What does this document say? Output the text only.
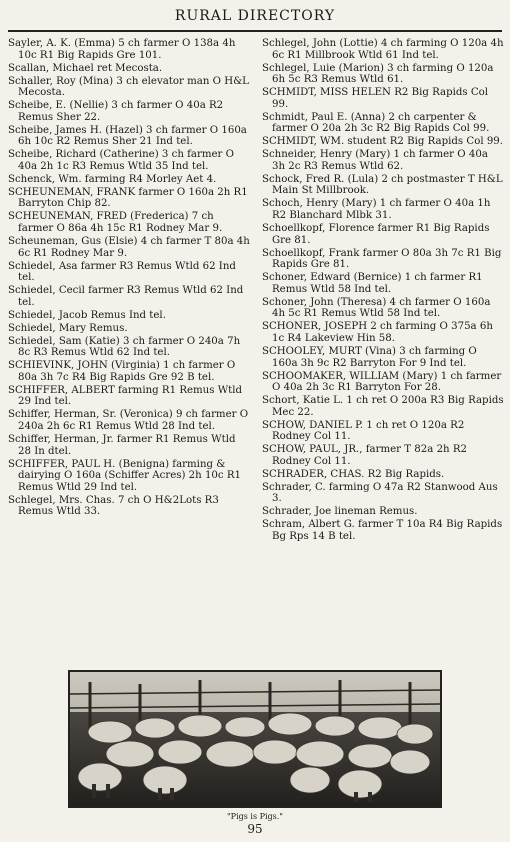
RURAL DIRECTORY

Sayler, A. K. (Emma) 5 ch farmer O 138a 4h 10c R1 Big Rapids Gre 101.

Scallan, Michael ret Mecosta.

Schaller, Roy (Mina) 3 ch elevator man O H&L Mecosta.

Scheibe, E. (Nellie) 3 ch farmer O 40a R2 Remus Sher 22.

Scheibe, James H. (Hazel) 3 ch farmer O 160a 6h 10c R2 Remus Sher 21 Ind tel.

Scheibe, Richard (Catherine) 3 ch farmer O 40a 2h 1c R3 Remus Wtld 35 Ind tel.

Schenck, Wm. farming R4 Morley Aet 4.

SCHEUNEMAN, FRANK farmer O 160a 2h R1 Barryton Chip 82.

SCHEUNEMAN, FRED (Frederica) 7 ch farmer O 86a 4h 15c R1 Rodney Mar 9.

Scheuneman, Gus (Elsie) 4 ch farmer T 80a 4h 6c R1 Rodney Mar 9.

Schiedel, Asa farmer R3 Remus Wtld 62 Ind tel.

Schiedel, Cecil farmer R3 Remus Wtld 62 Ind tel.

Schiedel, Jacob Remus Ind tel.

Schiedel, Mary Remus.

Schiedel, Sam (Katie) 3 ch farmer O 240a 7h 8c R3 Remus Wtld 62 Ind tel.

SCHIEVINK, JOHN (Virginia) 1 ch farmer O 80a 3h 7c R4 Big Rapids Gre 92 B tel.

SCHIFFER, ALBERT farming R1 Remus Wtld 29 Ind tel.

Schiffer, Herman, Sr. (Veronica) 9 ch farmer O 240a 2h 6c R1 Remus Wtld 28 Ind tel.

Schiffer, Herman, Jr. farmer R1 Remus Wtld 28 In dtel.

SCHIFFER, PAUL H. (Benigna) farming & dairying O 160a (Schiffer Acres) 2h 10c R1 Remus Wtld 29 Ind tel.

Schlegel, Mrs. Chas. 7 ch O H&2Lots R3 Remus Wtld 33.

Schlegel, John (Lottie) 4 ch farming O 120a 4h 6c R1 Millbrook Wtld 61 Ind tel.

Schlegel, Luie (Marion) 3 ch farming O 120a 6h 5c R3 Remus Wtld 61.

SCHMIDT, MISS HELEN R2 Big Rapids Col 99.

Schmidt, Paul E. (Anna) 2 ch carpenter & farmer O 20a 2h 3c R2 Big Rapids Col 99.

SCHMIDT, WM. student R2 Big Rapids Col 99.

Schneider, Henry (Mary) 1 ch farmer O 40a 3h 2c R3 Remus Wtld 62.

Schock, Fred R. (Lula) 2 ch postmaster T H&L Main St Millbrook.

Schoch, Henry (Mary) 1 ch farmer O 40a 1h R2 Blanchard Mlbk 31.

Schoellkopf, Florence farmer R1 Big Rapids Gre 81.

Schoellkopf, Frank farmer O 80a 3h 7c R1 Big Rapids Gre 81.

Schoner, Edward (Bernice) 1 ch farmer R1 Remus Wtld 58 Ind tel.

Schoner, John (Theresa) 4 ch farmer O 160a 4h 5c R1 Remus Wtld 58 Ind tel.

SCHONER, JOSEPH 2 ch farming O 375a 6h 1c R4 Lakeview Hin 58.

SCHOOLEY, MURT (Vina) 3 ch farming O 160a 3h 9c R2 Barryton For 9 Ind tel.

SCHOOMAKER, WILLIAM (Mary) 1 ch farmer O 40a 2h 3c R1 Barryton For 28.

Schort, Katie L. 1 ch ret O 200a R3 Big Rapids Mec 22.

SCHOW, DANIEL P. 1 ch ret O 120a R2 Rodney Col 11.

SCHOW, PAUL, JR., farmer T 82a 2h R2 Rodney Col 11.

SCHRADER, CHAS. R2 Big Rapids.

Schrader, C. farming O 47a R2 Stanwood Aus 3.

Schrader, Joe lineman Remus.

Schram, Albert G. farmer T 10a R4 Big Rapids Bg Rps 14 B tel.

"Pigs is Pigs."
95
